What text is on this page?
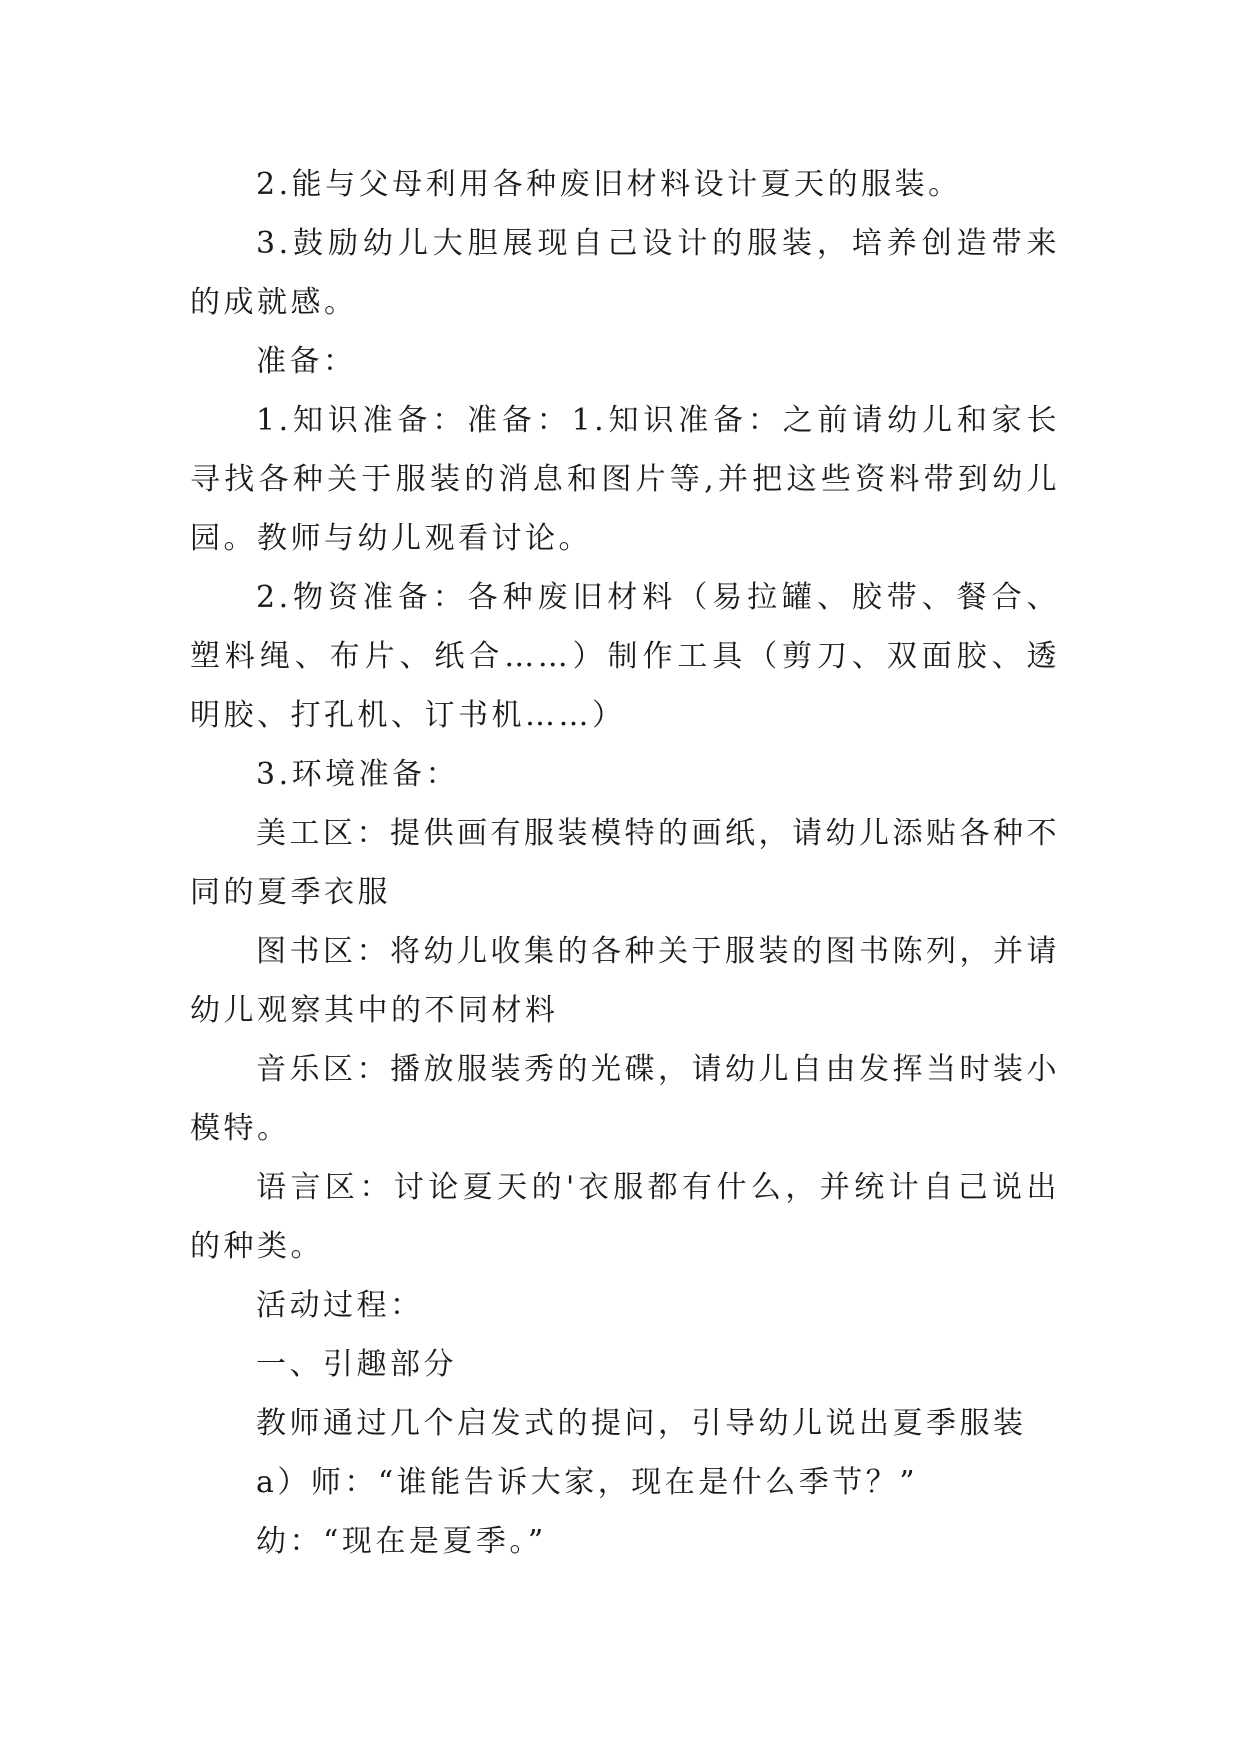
2.能与父母利用各种废旧材料设计夏天的服装。

3.鼓励幼儿大胆展现自己设计的服装，培养创造带来的成就感。

准备：

1.知识准备：准备：1.知识准备：之前请幼儿和家长寻找各种关于服装的消息和图片等,并把这些资料带到幼儿园。教师与幼儿观看讨论。

2.物资准备：各种废旧材料（易拉罐、胶带、餐合、塑料绳、布片、纸合……）制作工具（剪刀、双面胶、透明胶、打孔机、订书机……）

3.环境准备：

美工区：提供画有服装模特的画纸，请幼儿添贴各种不同的夏季衣服

图书区：将幼儿收集的各种关于服装的图书陈列，并请幼儿观察其中的不同材料

音乐区：播放服装秀的光碟，请幼儿自由发挥当时装小模特。

语言区：讨论夏天的'衣服都有什么，并统计自己说出的种类。

活动过程：

一、引趣部分

教师通过几个启发式的提问，引导幼儿说出夏季服装

a）师：“谁能告诉大家，现在是什么季节？”

幼：“现在是夏季。”
